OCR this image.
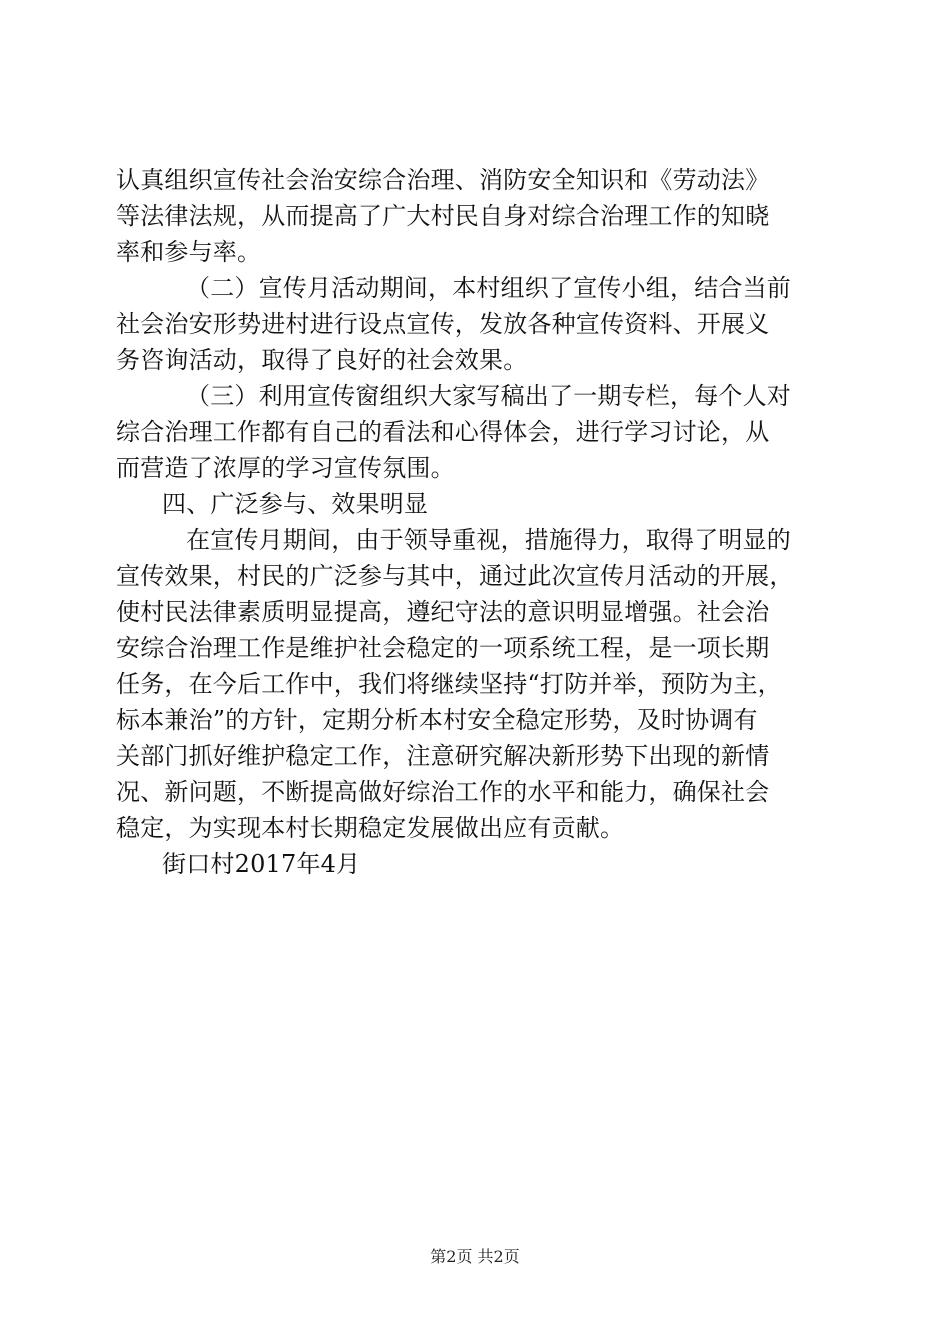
认真组织宣传社会治安综合治理、消防安全知识和《劳动法》
等法律法规，从而提高了广大村民自身对综合治理工作的知晓
率和参与率。
（二）宣传月活动期间，本村组织了宣传小组，结合当前
社会治安形势进村进行设点宣传，发放各种宣传资料、开展义
务咨询活动，取得了良好的社会效果。
（三）利用宣传窗组织大家写稿出了一期专栏，每个人对
综合治理工作都有自己的看法和心得体会，进行学习讨论，从
而营造了浓厚的学习宣传氛围。
四、广泛参与、效果明显
在宣传月期间，由于领导重视，措施得力，取得了明显的
宣传效果，村民的广泛参与其中，通过此次宣传月活动的开展，
使村民法律素质明显提高，遵纪守法的意识明显增强。社会治
安综合治理工作是维护社会稳定的一项系统工程，是一项长期
任务，在今后工作中，我们将继续坚持“打防并举，预防为主，
标本兼治”的方针，定期分析本村安全稳定形势，及时协调有
关部门抓好维护稳定工作，注意研究解决新形势下出现的新情
况、新问题，不断提高做好综治工作的水平和能力，确保社会
稳定，为实现本村长期稳定发展做出应有贡献。
街口村2017年4月
第2页 共2页
